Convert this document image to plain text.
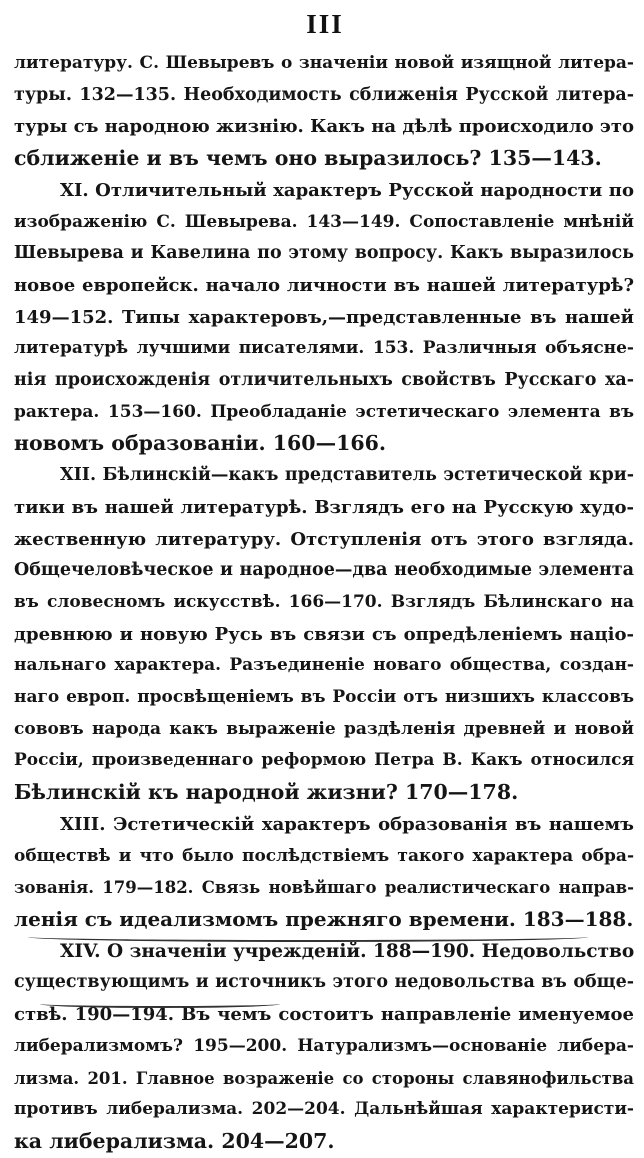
III
литературу. С. Шевыревъ о значенiи новой изящной литера-
туры. 132—135. Необходимость сближенiя Русской литера-
туры съ народною жизнiю. Какъ на дѣлѣ происходило это
сближенiе и въ чемъ оно выразилось? 135—143.
XI. Отличительный характеръ Русской народности по
изображенiю С. Шевырева. 143—149. Сопоставленiе мнѣнiй
Шевырева и Кавелина по этому вопросу. Какъ выразилось
новое европейск. начало личности въ нашей литературѣ?
149—152. Типы характеровъ,—представленные въ нашей
литературѣ лучшими писателями. 153. Различныя объясне-
нiя происхожденiя отличительныхъ свойствъ Русскаго ха-
рактера. 153—160. Преобладанiе эстетическаго элемента въ
новомъ образованiи. 160—166.
XII. Бѣлинскiй—какъ представитель эстетической кри-
тики въ нашей литературѣ. Взглядъ его на Русскую худо-
жественную литературу. Отступленiя отъ этого взгляда.
Общечеловѣческое и народное—два необходимые элемента
въ словесномъ искусствѣ. 166—170. Взглядъ Бѣлинскаго на
древнюю и новую Русь въ связи съ опредѣленiемъ нацiо-
нальнаго характера. Разъединенiе новаго общества, создан-
наго европ. просвѣщенiемъ въ Россiи отъ низшихъ классовъ
сововъ народа какъ выраженiе раздѣленiя древней и новой
Россiи, произведеннаго реформою Петра В. Какъ относился
Бѣлинскiй къ народной жизни? 170—178.
XIII. Эстетическiй характеръ образованiя въ нашемъ
обществѣ и что было послѣдствiемъ такого характера обра-
зованiя. 179—182. Связь новѣйшаго реалистическаго направ-
ленiя съ идеализмомъ прежняго времени. 183—188.
XIV. О значенiи учрежденiй. 188—190. Недовольство
существующимъ и источникъ этого недовольства въ обще-
ствѣ. 190—194. Въ чемъ состоитъ направленiе именуемое
либерализмомъ? 195—200. Натурализмъ—основанiе либера-
лизма. 201. Главное возраженiе со стороны славянофильства
противъ либерализма. 202—204. Дальнѣйшая характеристи-
ка либерализма. 204—207.
